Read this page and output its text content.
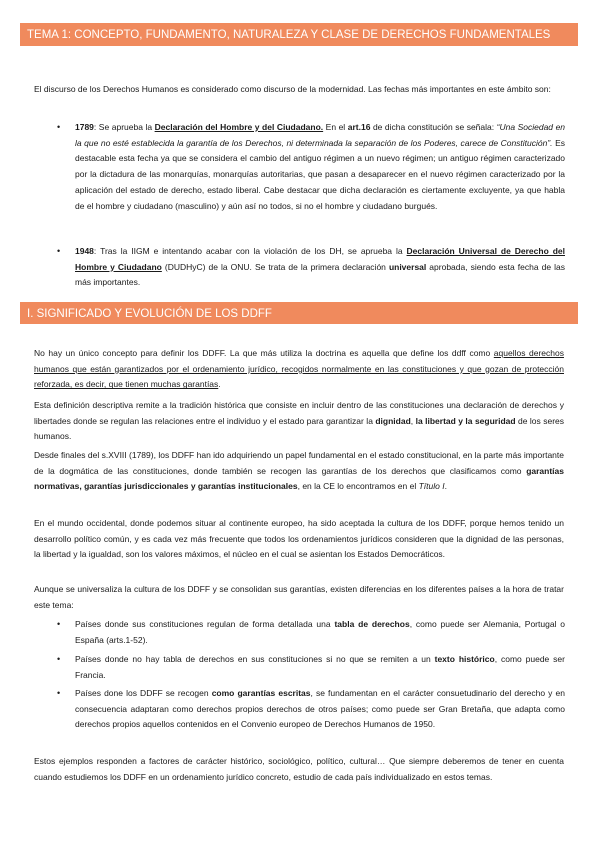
TEMA 1: CONCEPTO, FUNDAMENTO, NATURALEZA Y CLASE DE DERECHOS FUNDAMENTALES

El discurso de los Derechos Humanos es considerado como discurso de la modernidad. Las fechas más importantes en este ámbito son:

• 1789: Se aprueba la Declaración del Hombre y del Ciudadano. En el art.16 de dicha constitución se señala: “Una Sociedad en la que no esté establecida la garantía de los Derechos, ni determinada la separación de los Poderes, carece de Constitución”. Es destacable esta fecha ya que se considera el cambio del antiguo régimen a un nuevo régimen; un antiguo régimen caracterizado por la dictadura de las monarquías, monarquías autoritarias, que pasan a desaparecer en el nuevo régimen caracterizado por la aplicación del estado de derecho, estado liberal. Cabe destacar que dicha declaración es ciertamente excluyente, ya que habla de el hombre y ciudadano (masculino) y aún así no todos, si no el hombre y ciudadano burgués.

• 1948: Tras la IIGM e intentando acabar con la violación de los DH, se aprueba la Declaración Universal de Derecho del Hombre y Ciudadano (DUDHyC) de la ONU. Se trata de la primera declaración universal aprobada, siendo esta fecha de las más importantes.

I. SIGNIFICADO Y EVOLUCIÓN DE LOS DDFF

No hay un único concepto para definir los DDFF. La que más utiliza la doctrina es aquella que define los ddff como aquellos derechos humanos que están garantizados por el ordenamiento jurídico, recogidos normalmente en las constituciones y que gozan de protección reforzada, es decir, que tienen muchas garantías.

Esta definición descriptiva remite a la tradición histórica que consiste en incluir dentro de las constituciones una declaración de derechos y libertades donde se regulan las relaciones entre el individuo y el estado para garantizar la dignidad, la libertad y la seguridad de los seres humanos.

Desde finales del s.XVIII (1789), los DDFF han ido adquiriendo un papel fundamental en el estado constitucional, en la parte más importante de la dogmática de las constituciones, donde también se recogen las garantías de los derechos que clasificamos como garantías normativas, garantías jurisdiccionales y garantías institucionales, en la CE lo encontramos en el Título I.

En el mundo occidental, donde podemos situar al continente europeo, ha sido aceptada la cultura de los DDFF, porque hemos tenido un desarrollo político común, y es cada vez más frecuente que todos los ordenamientos jurídicos consideren que la dignidad de las personas, la libertad y la igualdad, son los valores máximos, el núcleo en el cual se asientan los Estados Democráticos.

Aunque se universaliza la cultura de los DDFF y se consolidan sus garantías, existen diferencias en los diferentes países a la hora de tratar este tema:

• Países donde sus constituciones regulan de forma detallada una tabla de derechos, como puede ser Alemania, Portugal o España (arts.1-52).

• Países donde no hay tabla de derechos en sus constituciones si no que se remiten a un texto histórico, como puede ser Francia.

• Países done los DDFF se recogen como garantías escritas, se fundamentan en el carácter consuetudinario del derecho y en consecuencia adaptaran como derechos propios derechos de otros países; como puede ser Gran Bretaña, que adapta como derechos propios aquellos contenidos en el Convenio europeo de Derechos Humanos de 1950.

Estos ejemplos responden a factores de carácter histórico, sociológico, político, cultural… Que siempre deberemos de tener en cuenta cuando estudiemos los DDFF en un ordenamiento jurídico concreto, estudio de cada país individualizado en estos temas.
